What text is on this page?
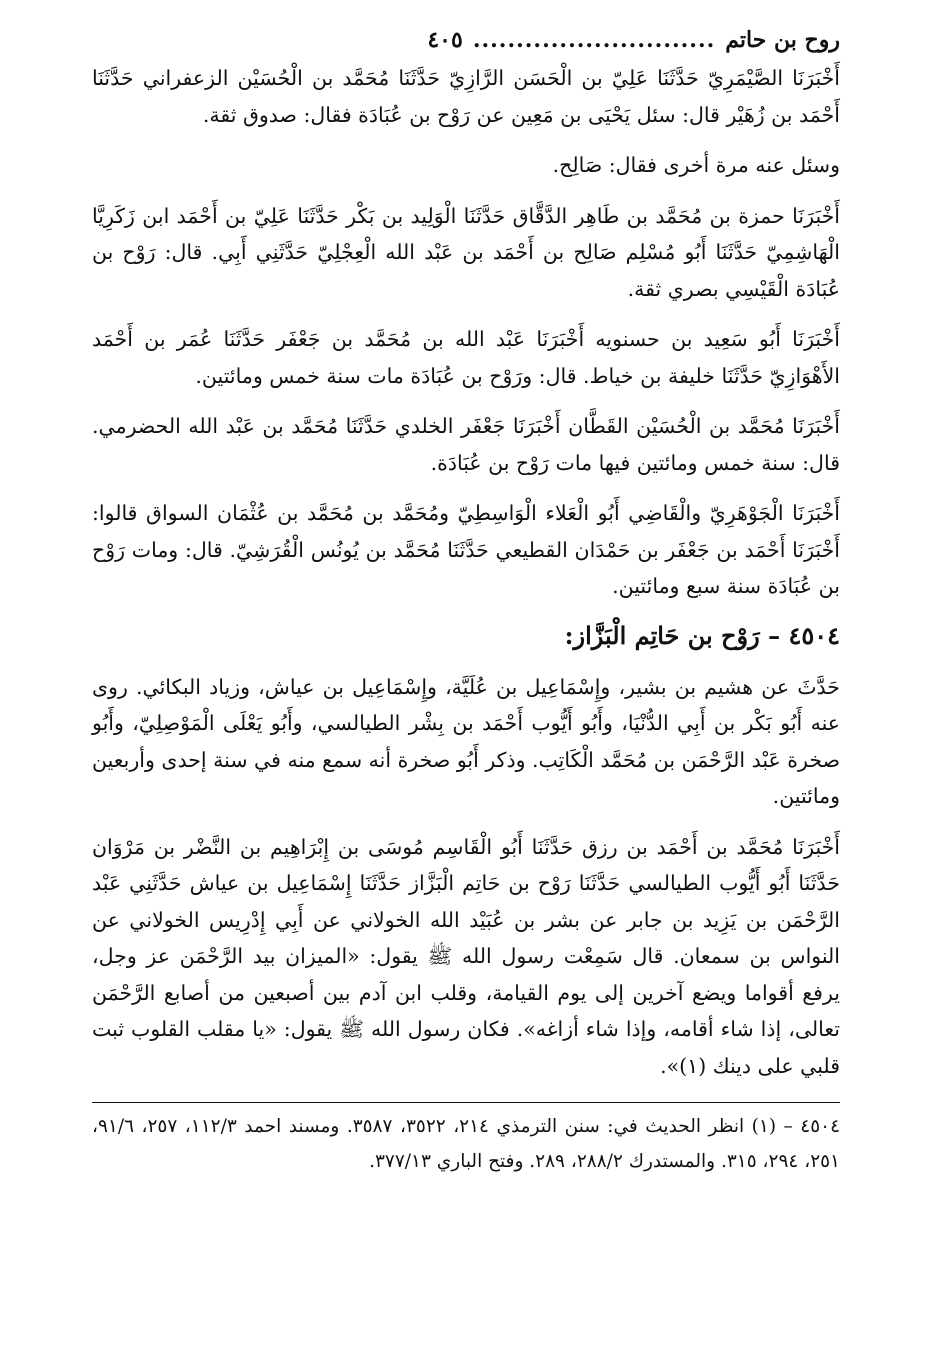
روح بن حاتم
............................
٤٠٥

أَخْبَرَنَا الصَّيْمَرِيّ حَدَّثَنَا عَلِيّ بن الْحَسَن الرَّازِيّ حَدَّثَنَا مُحَمَّد بن الْحُسَيْن الزعفراني حَدَّثَنَا أَحْمَد بن زُهَيْر قال: سئل يَحْيَى بن مَعِين عن رَوْح بن عُبَادَة فقال: صدوق ثقة.

وسئل عنه مرة أخرى فقال: صَالِح.

أَخْبَرَنَا حمزة بن مُحَمَّد بن طَاهِر الدَّقَّاق حَدَّثَنَا الْوَلِيد بن بَكْر حَدَّثَنَا عَلِيّ بن أَحْمَد ابن زَكَرِيَّا الْهَاشِمِيّ حَدَّثَنَا أَبُو مُسْلِم صَالِح بن أَحْمَد بن عَبْد الله الْعِجْلِيّ حَدَّثَنِي أَبِي. قال: رَوْح بن عُبَادَة الْقَيْسِي بصري ثقة.

أَخْبَرَنَا أَبُو سَعِيد بن حسنويه أَخْبَرَنَا عَبْد الله بن مُحَمَّد بن جَعْفَر حَدَّثَنَا عُمَر بن أَحْمَد الأَهْوَازِيّ حَدَّثَنَا خليفة بن خياط. قال: ورَوْح بن عُبَادَة مات سنة خمس ومائتين.

أَخْبَرَنَا مُحَمَّد بن الْحُسَيْن القَطَّان أَخْبَرَنَا جَعْفَر الخلدي حَدَّثَنَا مُحَمَّد بن عَبْد الله الحضرمي. قال: سنة خمس ومائتين فيها مات رَوْح بن عُبَادَة.

أَخْبَرَنَا الْجَوْهَرِيّ والْقَاضِي أَبُو الْعَلاء الْوَاسِطِيّ ومُحَمَّد بن مُحَمَّد بن عُثْمَان السواق قالوا: أَخْبَرَنَا أَحْمَد بن جَعْفَر بن حَمْدَان القطيعي حَدَّثَنَا مُحَمَّد بن يُونُس الْقُرَشِيّ. قال: ومات رَوْح بن عُبَادَة سنة سبع ومائتين.

٤٥٠٤ – رَوْح بن حَاتِم الْبَزَّاز:

حَدَّثَ عن هشيم بن بشير، وإِسْمَاعِيل بن عُلَيَّة، وإِسْمَاعِيل بن عياش، وزياد البكائي. روى عنه أَبُو بَكْر بن أَبِي الدُّنْيَا، وأَبُو أَيُّوب أَحْمَد بن بِشْر الطيالسي، وأَبُو يَعْلَى الْمَوْصِلِيّ، وأَبُو صخرة عَبْد الرَّحْمَن بن مُحَمَّد الْكَاتِب. وذكر أَبُو صخرة أنه سمع منه في سنة إحدى وأربعين ومائتين.

أَخْبَرَنَا مُحَمَّد بن أَحْمَد بن رزق حَدَّثَنَا أَبُو الْقَاسِم مُوسَى بن إِبْرَاهِيم بن النَّضْر بن مَرْوَان حَدَّثَنَا أَبُو أَيُّوب الطيالسي حَدَّثَنَا رَوْح بن حَاتِم الْبَزَّاز حَدَّثَنَا إِسْمَاعِيل بن عياش حَدَّثَنِي عَبْد الرَّحْمَن بن يَزِيد بن جابر عن بشر بن عُبَيْد الله الخولاني عن أَبِي إِدْرِيس الخولاني عن النواس بن سمعان. قال سَمِعْت رسول الله ﷺ يقول: «الميزان بيد الرَّحْمَن عز وجل، يرفع أقواما ويضع آخرين إلى يوم القيامة، وقلب ابن آدم بين أصبعين من أصابع الرَّحْمَن تعالى، إذا شاء أقامه، وإذا شاء أزاغه». فكان رسول الله ﷺ يقول: «يا مقلب القلوب ثبت قلبي على دينك (١)».

٤٥٠٤ – (١) انظر الحديث في: سنن الترمذي ٢١٤، ٣٥٢٢، ٣٥٨٧. ومسند احمد ١١٢/٣، ٢٥٧، ٩١/٦، ٢٥١، ٢٩٤، ٣١٥. والمستدرك ٢٨٨/٢، ٢٨٩. وفتح الباري ٣٧٧/١٣.
